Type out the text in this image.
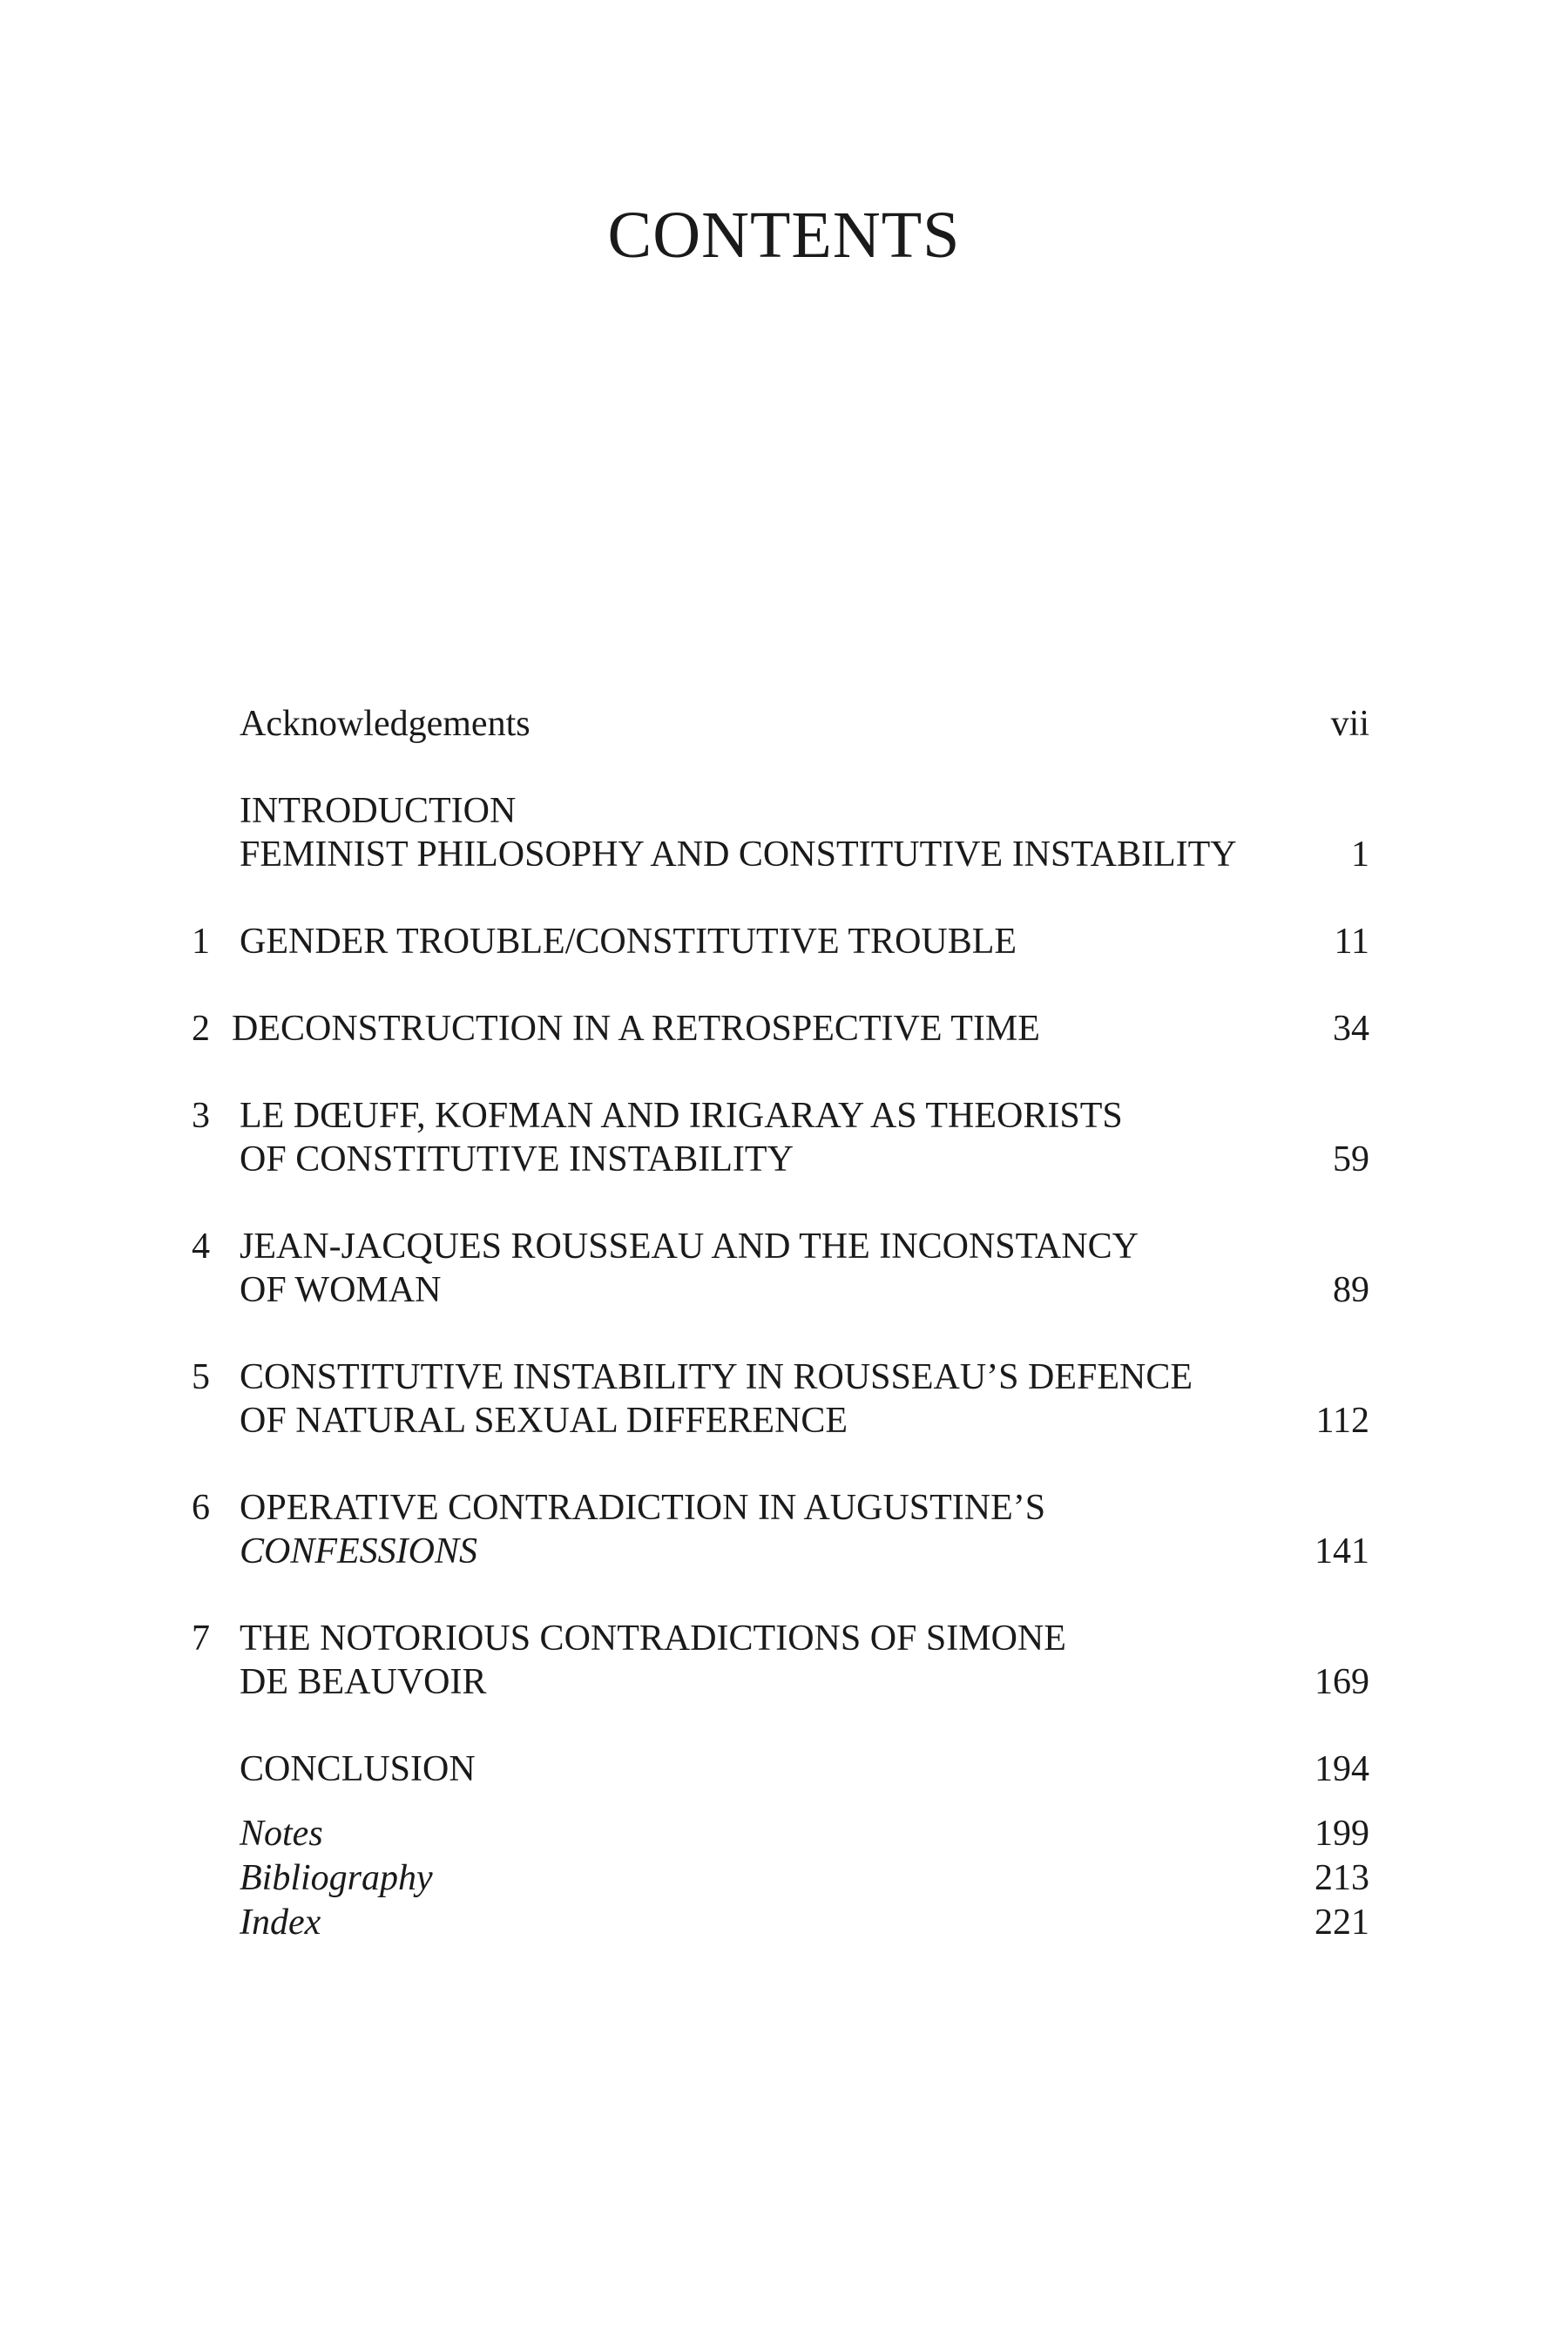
CONTENTS
Acknowledgements	vii
INTRODUCTION
FEMINIST PHILOSOPHY AND CONSTITUTIVE INSTABILITY	1
1 GENDER TROUBLE/CONSTITUTIVE TROUBLE	11
2 DECONSTRUCTION IN A RETROSPECTIVE TIME	34
3 LE DŒUFF, KOFMAN AND IRIGARAY AS THEORISTS
OF CONSTITUTIVE INSTABILITY	59
4 JEAN-JACQUES ROUSSEAU AND THE INCONSTANCY
OF WOMAN	89
5 CONSTITUTIVE INSTABILITY IN ROUSSEAU’S DEFENCE
OF NATURAL SEXUAL DIFFERENCE	112
6 OPERATIVE CONTRADICTION IN AUGUSTINE’S
CONFESSIONS	141
7 THE NOTORIOUS CONTRADICTIONS OF SIMONE
DE BEAUVOIR	169
CONCLUSION	194
Notes	199
Bibliography	213
Index	221
